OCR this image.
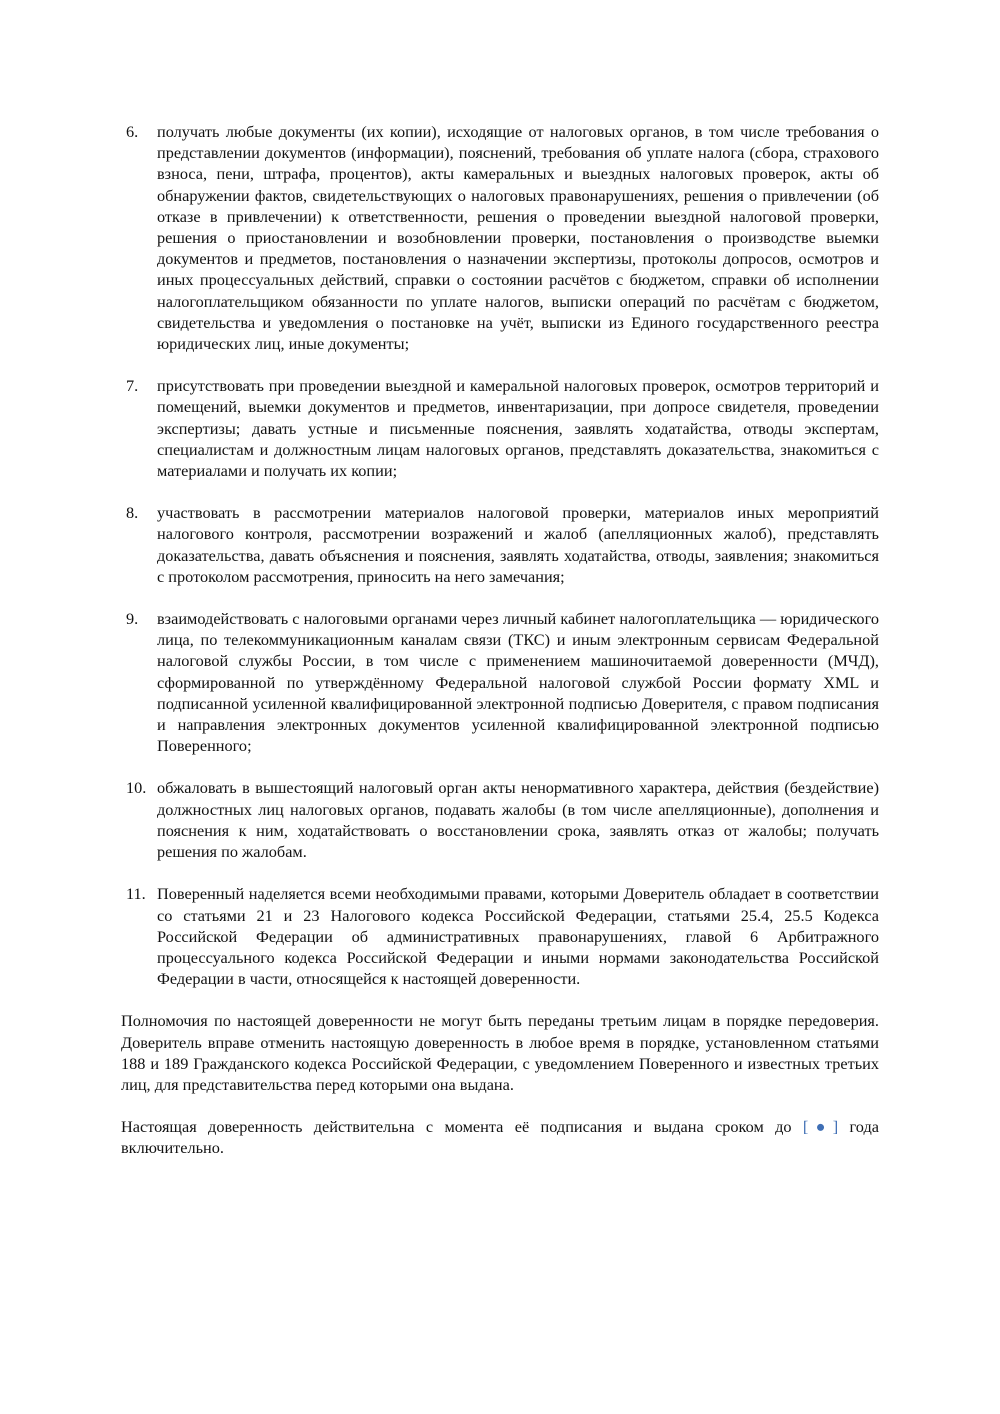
6.	получать любые документы (их копии), исходящие от налоговых органов, в том числе требования о представлении документов (информации), пояснений, требования об уплате налога (сбора, страхового взноса, пени, штрафа, процентов), акты камеральных и выездных налоговых проверок, акты об обнаружении фактов, свидетельствующих о налоговых правонарушениях, решения о привлечении (об отказе в привлечении) к ответственности, решения о проведении выездной налоговой проверки, решения о приостановлении и возобновлении проверки, постановления о производстве выемки документов и предметов, постановления о назначении экспертизы, протоколы допросов, осмотров и иных процессуальных действий, справки о состоянии расчётов с бюджетом, справки об исполнении налогоплательщиком обязанности по уплате налогов, выписки операций по расчётам с бюджетом, свидетельства и уведомления о постановке на учёт, выписки из Единого государственного реестра юридических лиц, иные документы;
7.	присутствовать при проведении выездной и камеральной налоговых проверок, осмотров территорий и помещений, выемки документов и предметов, инвентаризации, при допросе свидетеля, проведении экспертизы; давать устные и письменные пояснения, заявлять ходатайства, отводы экспертам, специалистам и должностным лицам налоговых органов, представлять доказательства, знакомиться с материалами и получать их копии;
8.	участвовать в рассмотрении материалов налоговой проверки, материалов иных мероприятий налогового контроля, рассмотрении возражений и жалоб (апелляционных жалоб), представлять доказательства, давать объяснения и пояснения, заявлять ходатайства, отводы, заявления; знакомиться с протоколом рассмотрения, приносить на него замечания;
9.	взаимодействовать с налоговыми органами через личный кабинет налогоплательщика — юридического лица, по телекоммуникационным каналам связи (ТКС) и иным электронным сервисам Федеральной налоговой службы России, в том числе с применением машиночитаемой доверенности (МЧД), сформированной по утверждённому Федеральной налоговой службой России формату XML и подписанной усиленной квалифицированной электронной подписью Доверителя, с правом подписания и направления электронных документов усиленной квалифицированной электронной подписью Поверенного;
10. обжаловать в вышестоящий налоговый орган акты ненормативного характера, действия (бездействие) должностных лиц налоговых органов, подавать жалобы (в том числе апелляционные), дополнения и пояснения к ним, ходатайствовать о восстановлении срока, заявлять отказ от жалобы; получать решения по жалобам.
11. Поверенный наделяется всеми необходимыми правами, которыми Доверитель обладает в соответствии со статьями 21 и 23 Налогового кодекса Российской Федерации, статьями 25.4, 25.5 Кодекса Российской Федерации об административных правонарушениях, главой 6 Арбитражного процессуального кодекса Российской Федерации и иными нормами законодательства Российской Федерации в части, относящейся к настоящей доверенности.

Полномочия по настоящей доверенности не могут быть переданы третьим лицам в порядке передоверия. Доверитель вправе отменить настоящую доверенность в любое время в порядке, установленном статьями 188 и 189 Гражданского кодекса Российской Федерации, с уведомлением Поверенного и известных третьих лиц, для представительства перед которыми она выдана.

Настоящая доверенность действительна с момента её подписания и выдана сроком до [●] года включительно.
